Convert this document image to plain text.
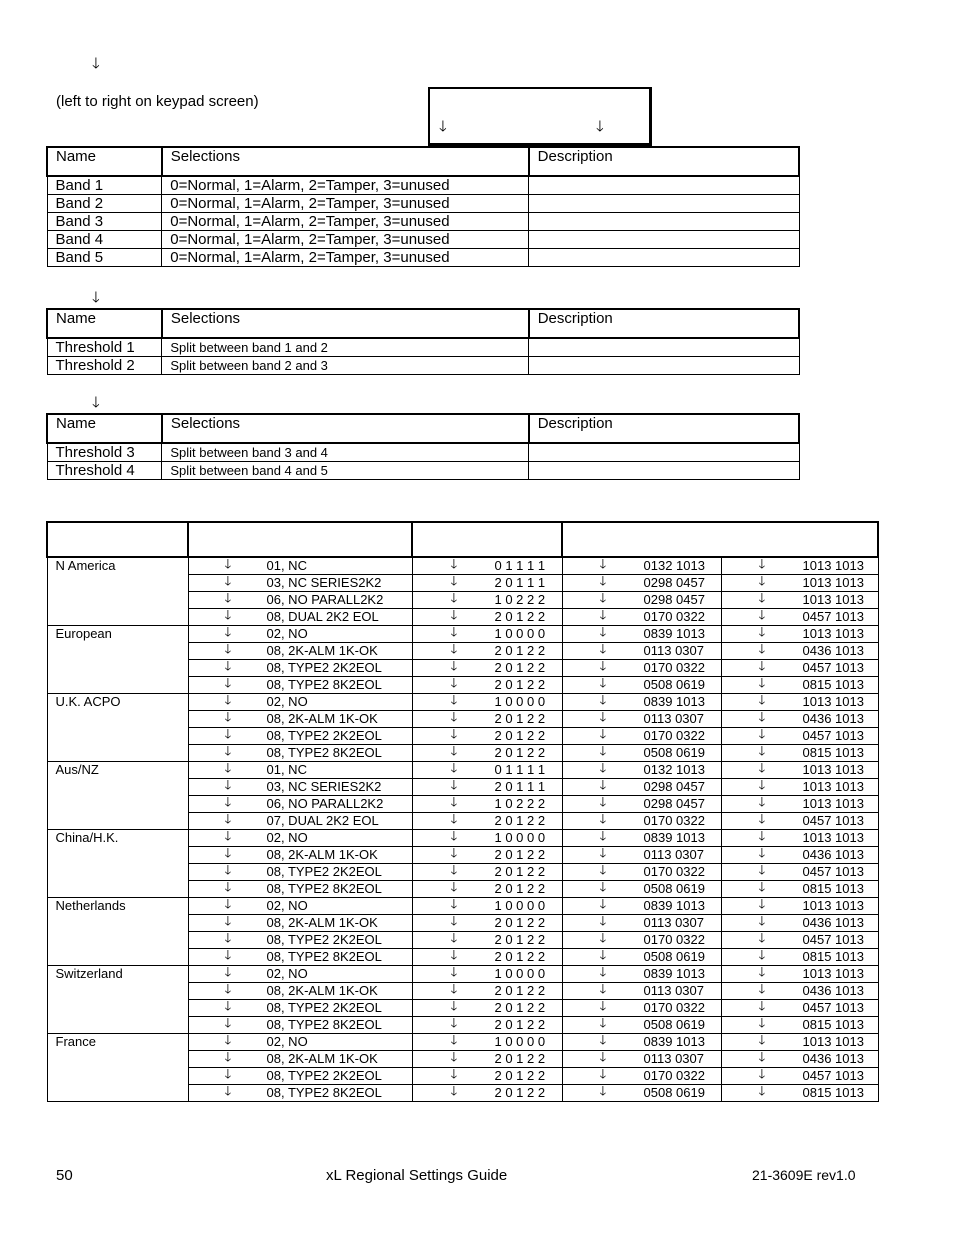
🡓
(left to right on keypad screen)
🡓	🡓
Name	Selections	Description
Band 1	0=Normal, 1=Alarm, 2=Tamper, 3=unused	
Band 2	0=Normal, 1=Alarm, 2=Tamper, 3=unused	
Band 3	0=Normal, 1=Alarm, 2=Tamper, 3=unused	
Band 4	0=Normal, 1=Alarm, 2=Tamper, 3=unused	
Band 5	0=Normal, 1=Alarm, 2=Tamper, 3=unused	
🡓
Name	Selections	Description
Threshold 1	Split between band 1 and 2	
Threshold 2	Split between band 2 and 3	
🡓
Name	Selections	Description
Threshold 3	Split between band 3 and 4	
Threshold 4	Split between band 4 and 5	

N America	🡓 01, NC	🡓 0 1 1 1 1	🡓 0132 1013	🡓 1013 1013

	🡓 03, NC SERIES2K2	🡓 2 0 1 1 1	🡓 0298 0457	🡓 1013 1013

	🡓 06, NO PARALL2K2	🡓 1 0 2 2 2	🡓 0298 0457	🡓 1013 1013

	🡓 08, DUAL 2K2 EOL	🡓 2 0 1 2 2	🡓 0170 0322	🡓 0457 1013

European	🡓 02, NO	🡓 1 0 0 0 0	🡓 0839 1013	🡓 1013 1013

	🡓 08, 2K-ALM 1K-OK	🡓 2 0 1 2 2	🡓 0113 0307	🡓 0436 1013

	🡓 08, TYPE2 2K2EOL	🡓 2 0 1 2 2	🡓 0170 0322	🡓 0457 1013

	🡓 08, TYPE2 8K2EOL	🡓 2 0 1 2 2	🡓 0508 0619	🡓 0815 1013

U.K. ACPO	🡓 02, NO	🡓 1 0 0 0 0	🡓 0839 1013	🡓 1013 1013

	🡓 08, 2K-ALM 1K-OK	🡓 2 0 1 2 2	🡓 0113 0307	🡓 0436 1013

	🡓 08, TYPE2 2K2EOL	🡓 2 0 1 2 2	🡓 0170 0322	🡓 0457 1013

	🡓 08, TYPE2 8K2EOL	🡓 2 0 1 2 2	🡓 0508 0619	🡓 0815 1013

Aus/NZ	🡓 01, NC	🡓 0 1 1 1 1	🡓 0132 1013	🡓 1013 1013

	🡓 03, NC SERIES2K2	🡓 2 0 1 1 1	🡓 0298 0457	🡓 1013 1013

	🡓 06, NO PARALL2K2	🡓 1 0 2 2 2	🡓 0298 0457	🡓 1013 1013

	🡓 07, DUAL 2K2 EOL	🡓 2 0 1 2 2	🡓 0170 0322	🡓 0457 1013

China/H.K.	🡓 02, NO	🡓 1 0 0 0 0	🡓 0839 1013	🡓 1013 1013

	🡓 08, 2K-ALM 1K-OK	🡓 2 0 1 2 2	🡓 0113 0307	🡓 0436 1013

	🡓 08, TYPE2 2K2EOL	🡓 2 0 1 2 2	🡓 0170 0322	🡓 0457 1013

	🡓 08, TYPE2 8K2EOL	🡓 2 0 1 2 2	🡓 0508 0619	🡓 0815 1013

Netherlands	🡓 02, NO	🡓 1 0 0 0 0	🡓 0839 1013	🡓 1013 1013

	🡓 08, 2K-ALM 1K-OK	🡓 2 0 1 2 2	🡓 0113 0307	🡓 0436 1013

	🡓 08, TYPE2 2K2EOL	🡓 2 0 1 2 2	🡓 0170 0322	🡓 0457 1013

	🡓 08, TYPE2 8K2EOL	🡓 2 0 1 2 2	🡓 0508 0619	🡓 0815 1013

Switzerland	🡓 02, NO	🡓 1 0 0 0 0	🡓 0839 1013	🡓 1013 1013

	🡓 08, 2K-ALM 1K-OK	🡓 2 0 1 2 2	🡓 0113 0307	🡓 0436 1013

	🡓 08, TYPE2 2K2EOL	🡓 2 0 1 2 2	🡓 0170 0322	🡓 0457 1013

	🡓 08, TYPE2 8K2EOL	🡓 2 0 1 2 2	🡓 0508 0619	🡓 0815 1013

France	🡓 02, NO	🡓 1 0 0 0 0	🡓 0839 1013	🡓 1013 1013

	🡓 08, 2K-ALM 1K-OK	🡓 2 0 1 2 2	🡓 0113 0307	🡓 0436 1013

	🡓 08, TYPE2 2K2EOL	🡓 2 0 1 2 2	🡓 0170 0322	🡓 0457 1013

	🡓 08, TYPE2 8K2EOL	🡓 2 0 1 2 2	🡓 0508 0619	🡓 0815 1013
50	xL Regional Settings Guide	21-3609E rev1.0
